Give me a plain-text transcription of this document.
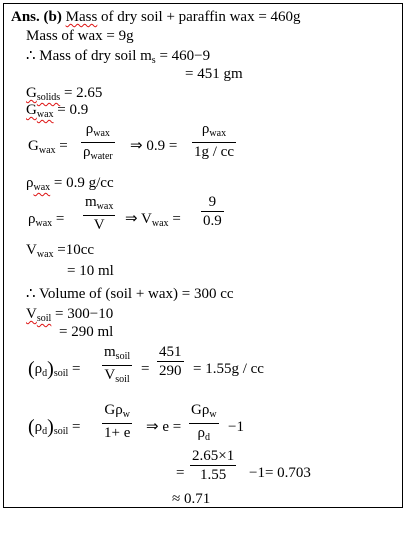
Ans. (b) Mass of dry soil + paraffin wax = 460g
Mass of wax = 9g
∴ Mass of dry soil $m_s = 460-9$
= 451 gm
$G_{solids} = 2.65$
$G_{wax} = 0.9$
$G_{wax}$ =
$\rho_{wax}$
$\rho_{water}$
⇒ 0.9 =
$\rho_{wax}$
1g / cc
$\rho_{wax} = 0.9$ g/cc
$\rho_{wax}$ =
$m_{wax}$
V	⇒ $V_{wax} = \frac{9}{0.9}$
$V_{wax} =10cc$
= 10 ml
∴ Volume of (soil + wax) = 300 cc
$V_{soil} = 300-10$
= 290 ml
$(\rho_d)_{soil}$ =
$m_{soil}$
$V_{soil}$
= $\frac{451}{290} = 1.55g$ / cc
$(\rho_d)_{soil}$ =
$G\rho_w$
1+ e ⇒ e =
$G\rho_w$
$\rho_d$
−1
= $\frac{2.65\times 1}{1.55} -1= 0.703$
≈ 0.71
